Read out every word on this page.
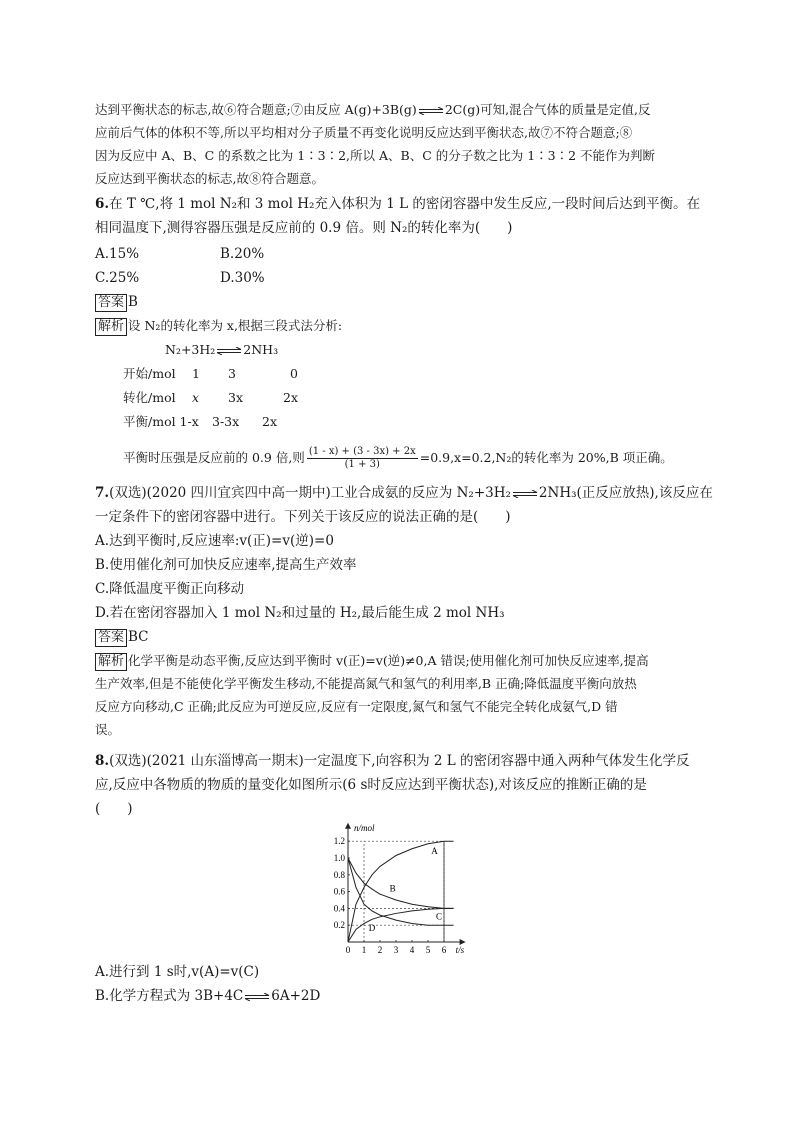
达到平衡状态的标志,故⑥符合题意;⑦由反应 A(g)+3B(g)⇌2C(g)可知,混合气体的质量是定值,反
应前后气体的体积不等,所以平均相对分子质量不再变化说明反应达到平衡状态,故⑦不符合题意;⑧
因为反应中 A、B、C 的系数之比为 1∶3∶2,所以 A、B、C 的分子数之比为 1∶3∶2 不能作为判断
反应达到平衡状态的标志,故⑧符合题意。
6.在 T ℃,将 1 mol N₂和 3 mol H₂充入体积为 1 L 的密闭容器中发生反应,一段时间后达到平衡。在
相同温度下,测得容器压强是反应前的 0.9 倍。则 N₂的转化率为(　　)
A.15%	B.20%
C.25%	D.30%
答案 B
解析 设 N₂的转化率为 x,根据三段式法分析:
N₂+3H₂⇌2NH₃
开始/mol 1 3	0
转化/mol x 3x	2x
平衡/mol 1-x 3-3x 2x
平衡时压强是反应前的 0.9 倍,则 $\frac{(1 - x) + (3 - 3x) + 2x}{(1 + 3)} =0.9,x=0.2,N_2$的转化率为 20%,B 项正确。
7.(双选)(2020 四川宜宾四中高一期中)工业合成氨的反应为 N₂+3H₂⇌2NH₃(正反应放热),该反应在
一定条件下的密闭容器中进行。下列关于该反应的说法正确的是(　　)
A.达到平衡时,反应速率:v(正)=v(逆)=0
B.使用催化剂可加快反应速率,提高生产效率
C.降低温度平衡正向移动
D.若在密闭容器加入 1 mol N₂和过量的 H₂,最后能生成 2 mol NH₃
答案 BC
解析 化学平衡是动态平衡,反应达到平衡时 v(正)=v(逆)≠0,A 错误;使用催化剂可加快反应速率,提高
生产效率,但是不能使化学平衡发生移动,不能提高氮气和氢气的利用率,B 正确;降低温度平衡向放热
反应方向移动,C 正确;此反应为可逆反应,反应有一定限度,氮气和氢气不能完全转化成氨气,D 错
误。
8.(双选)(2021 山东淄博高一期末)一定温度下,向容积为 2 L 的密闭容器中通入两种气体发生化学反
应,反应中各物质的物质的量变化如图所示(6 s时反应达到平衡状态),对该反应的推断正确的是
(　　)
0 1 2 3 4 5 6
0.2
0.4
0.6
0.8
1.0
1.2
n/mol
t/s
A
B
C
D
A.进行到 1 s时,v(A)=v(C)
B.化学方程式为 3B+4C⇌6A+2D
